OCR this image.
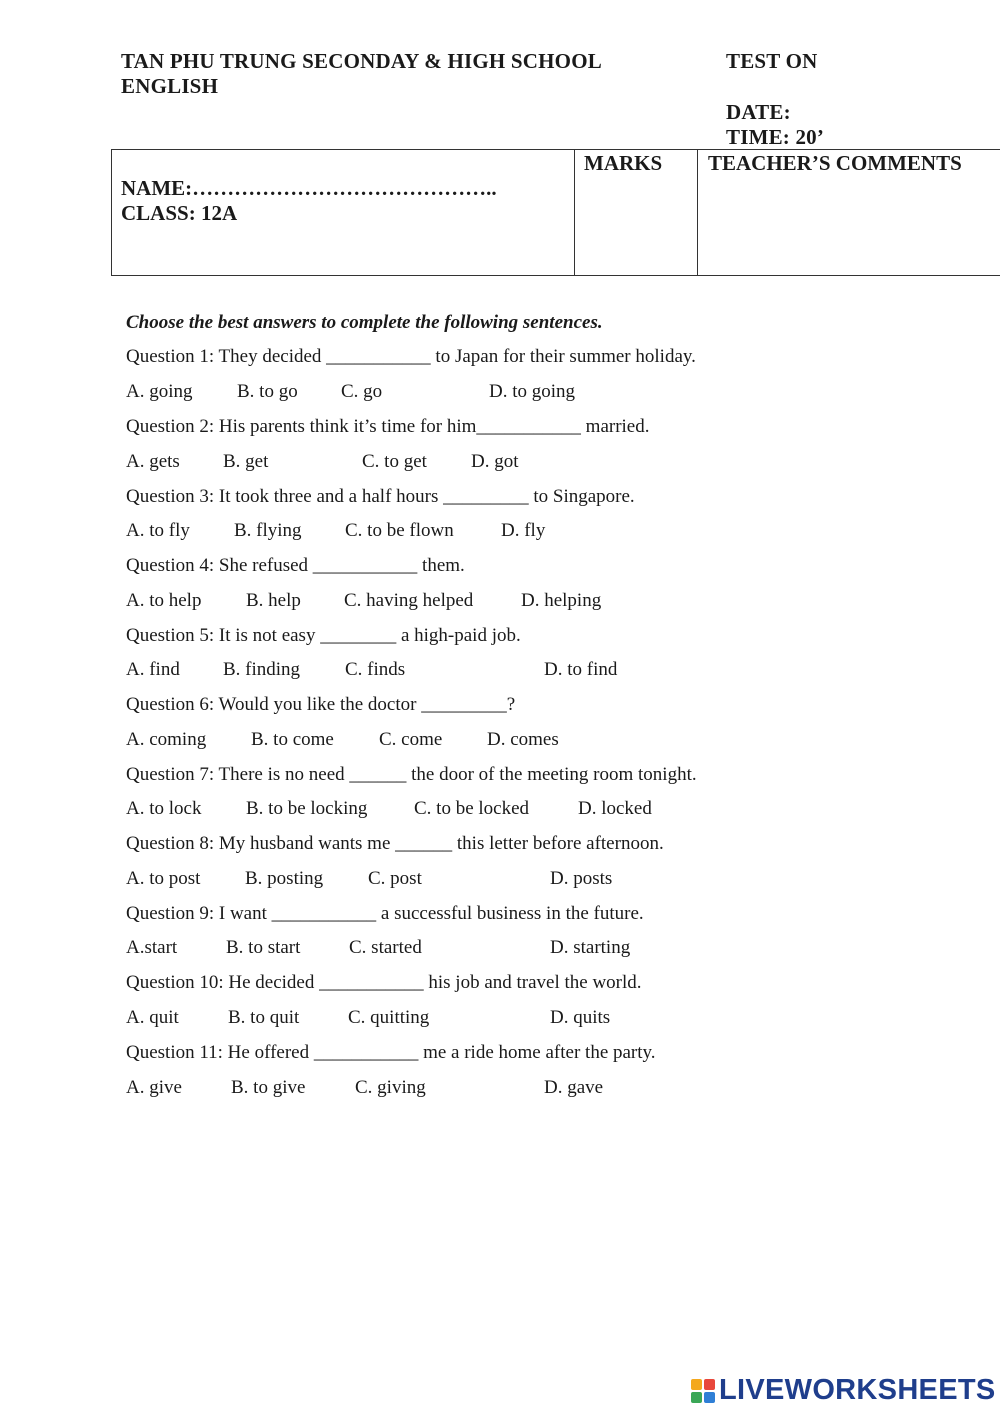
TAN PHU TRUNG SECONDAY & HIGH SCHOOL
ENGLISH
TEST ON
DATE:
TIME: 20’
NAME:……………………………………..
CLASS: 12A
MARKS TEACHER’S COMMENTS
Choose the best answers to complete the following sentences.
Question 1: They decided ___________ to Japan for their summer holiday.
A. going B. to go C. go	D. to going
Question 2: His parents think it’s time for him___________ married.
A. gets B. get	C. to get D. got
Question 3: It took three and a half hours _________ to Singapore.
A. to fly B. flying C. to be flown D. fly
Question 4: She refused ___________ them.
A. to help B. help C. having helped	D. helping
Question 5: It is not easy ________ a high-paid job.
A. find B. finding C. finds	D. to find
Question 6: Would you like the doctor _________?
A. coming B. to come C. come D. comes
Question 7: There is no need ______ the door of the meeting room tonight.
A. to lock B. to be locking C. to be locked	D. locked
Question 8: My husband wants me ______ this letter before afternoon.
A. to post B. posting C. post	D. posts
Question 9: I want ___________ a successful business in the future.
A.start	B. to start	C. started	D. starting
Question 10: He decided ___________ his job and travel the world.
A. quit	B. to quit	C. quitting	D. quits
Question 11: He offered ___________ me a ride home after the party.
A. give	B. to give	C. giving	D. gave
LIVEWORKSHEETS
